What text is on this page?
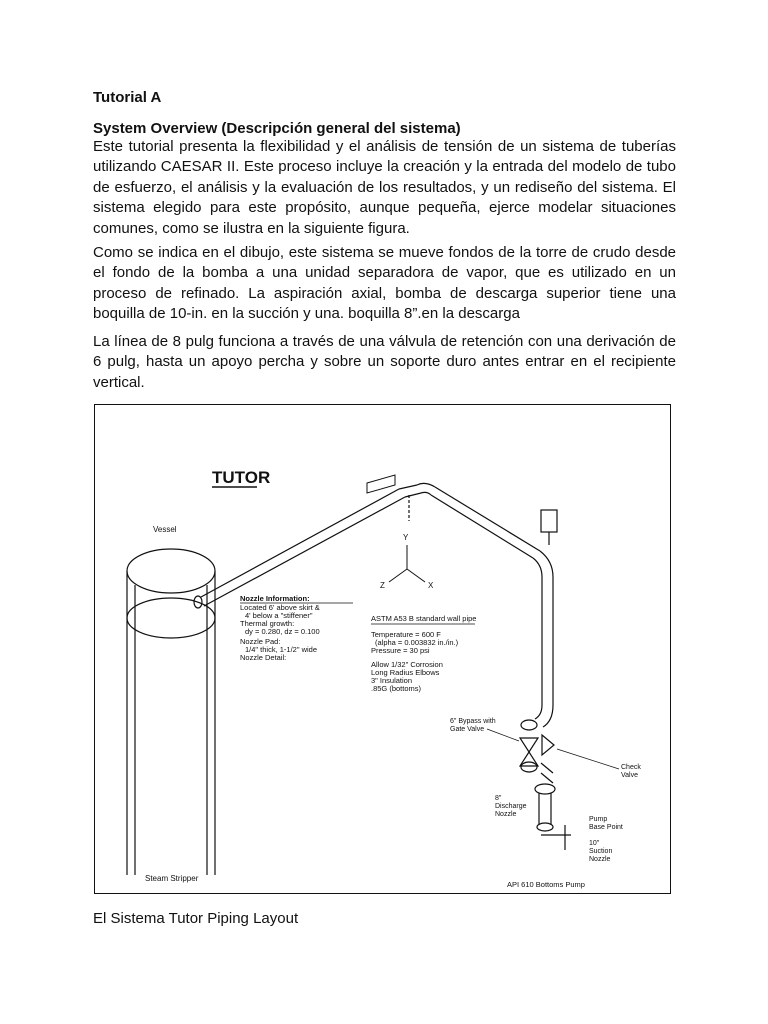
Tutorial A
System Overview (Descripción general del sistema)

Este tutorial presenta la flexibilidad y el análisis de tensión de un sistema de tuberías utilizando CAESAR II. Este proceso incluye la creación y la entrada del modelo de tubo de esfuerzo, el análisis y la evaluación de los resultados, y un rediseño del sistema. El sistema elegido para este propósito, aunque pequeña, ejerce modelar situaciones comunes, como se ilustra en la siguiente figura.

Como se indica en el dibujo, este sistema se mueve fondos de la torre de crudo desde el fondo de la bomba a una unidad separadora de vapor, que es utilizado en un proceso de refinado. La aspiración axial, bomba de descarga superior tiene una boquilla de 10-in. en la succión y una. boquilla 8”.en la descarga

La línea de 8 pulg funciona a través de una válvula de retención con una derivación de 6 pulg, hasta un apoyo percha y sobre un soporte duro antes entrar en el recipiente vertical.

TUTOR
Vessel
Steam Stripper
Y
Z	X
Nozzle Information:
Located 6' above skirt &
4' below a "stiffener"
Thermal growth:
dy = 0.280, dz = 0.100
Nozzle Pad:
1/4" thick, 1-1/2" wide
Nozzle Detail:
ASTM A53 B standard wall pipe
Temperature = 600 F
(alpha = 0.003832 in./in.)
Pressure = 30 psi
Allow 1/32" Corrosion
Long Radius Elbows
3" Insulation
.85G (bottoms)
6" Bypass with
Gate Valve
Check
Valve
8"
Discharge
Nozzle
Pump
Base Point
10"
Suction
Nozzle
API 610 Bottoms Pump
El Sistema Tutor Piping Layout
